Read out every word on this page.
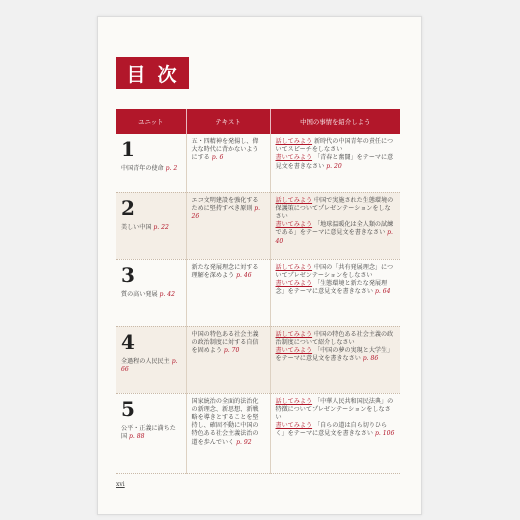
目次
ユニット	テキスト	中国の事情を紹介しよう

1
中国青年の使命 p. 2	五・四精神を発揚し、偉大な時代に背かないようにする p. 6	話してみよう 新時代の中国青年の責任についてスピーチをしなさい
書いてみよう 「青春と奮闘」をテーマに意見文を書きなさい p. 20

2
美しい中国 p. 22	エコ文明建設を強化するために堅持すべき原則 p. 26	話してみよう 中国で実施された生態環境の保護策についてプレゼンテーションをしなさい
書いてみよう 「地球温暖化は全人類の試練である」をテーマに意見文を書きなさい p. 40

3
質の高い発展 p. 42	新たな発展理念に対する理解を深めよう p. 46	話してみよう 中国の「共有発展理念」についてプレゼンテーションをしなさい
書いてみよう 「生態環境と新たな発展理念」をテーマに意見文を書きなさい p. 64

4
全過程の人民民主 p. 66	中国の特色ある社会主義の政治制度に対する自信を固めよう p. 70	話してみよう 中国の特色ある社会主義の政治制度について紹介しなさい
書いてみよう 「中国の夢の実現と大学生」をテーマに意見文を書きなさい p. 86

5
公平・正義に満ちた国 p. 88	国家統治の全面的法治化の新理念、新思想、新戦略を導きとすることを堅持し、確固不動に中国の特色ある社会主義法治の道を歩んでいく p. 92	話してみよう 「中華人民共和国民法典」の特徴についてプレゼンテーションをしなさい
書いてみよう 「自らの道は自ら切りひらく」をテーマに意見文を書きなさい p. 106
xvi
